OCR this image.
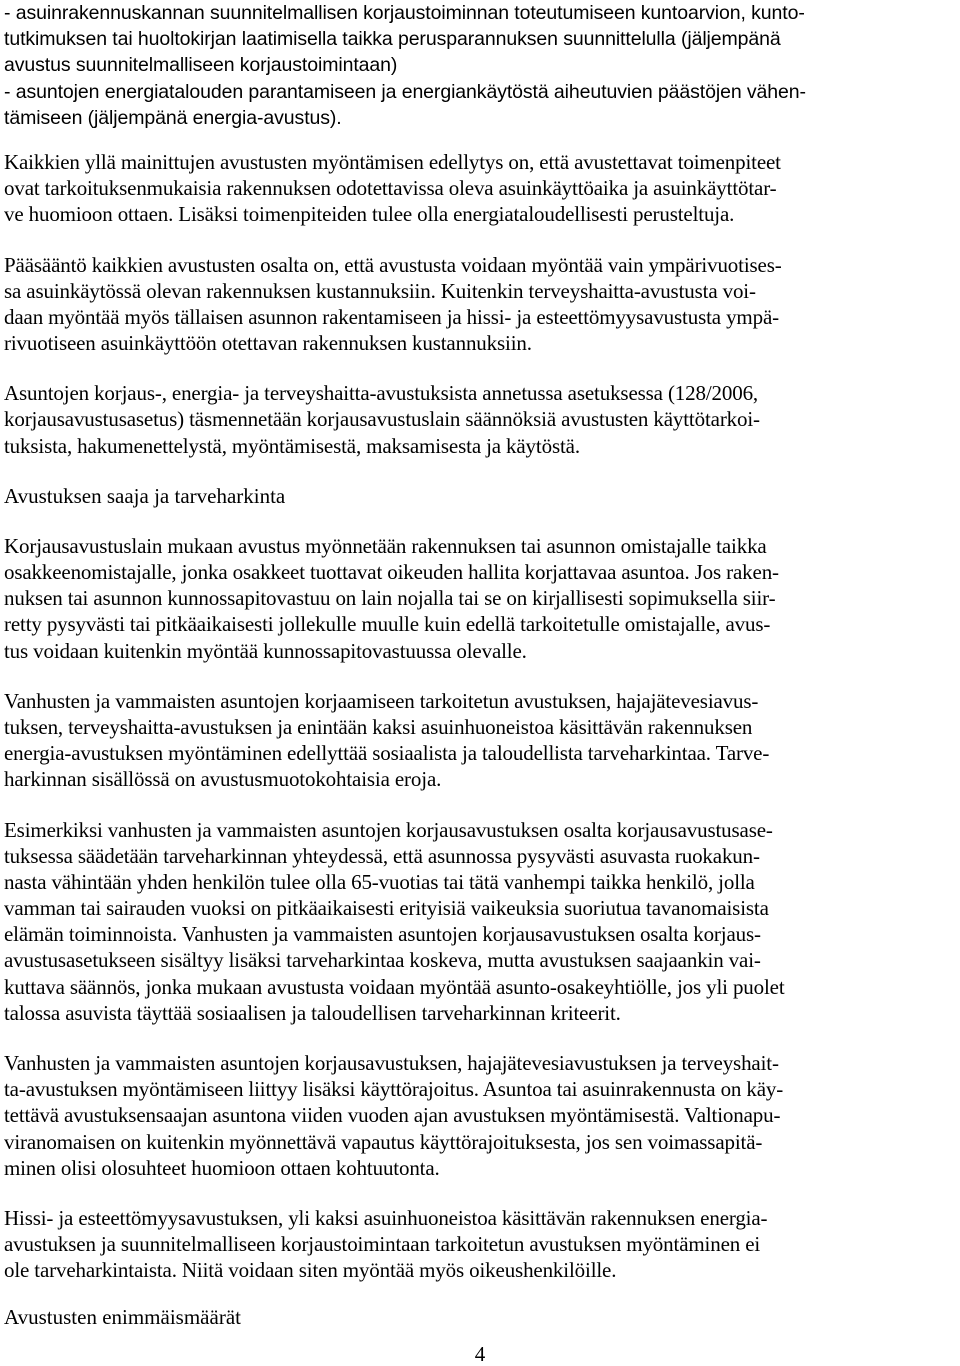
- asuinrakennuskannan suunnitelmallisen korjaustoiminnan toteutumiseen kuntoarvion, kunto-
tutkimuksen tai huoltokirjan laatimisella taikka perusparannuksen suunnittelulla (jäljempänä
avustus suunnitelmalliseen korjaustoimintaan)
- asuntojen energiatalouden parantamiseen ja energiankäytöstä aiheutuvien päästöjen vähen-
tämiseen (jäljempänä energia-avustus).
Kaikkien yllä mainittujen avustusten myöntämisen edellytys on, että avustettavat toimenpiteet
ovat tarkoituksenmukaisia rakennuksen odotettavissa oleva asuinkäyttöaika ja asuinkäyttötar-
ve huomioon ottaen. Lisäksi toimenpiteiden tulee olla energiataloudellisesti perusteltuja.
Pääsääntö kaikkien avustusten osalta on, että avustusta voidaan myöntää vain ympärivuotises-
sa asuinkäytössä olevan rakennuksen kustannuksiin. Kuitenkin terveyshaitta-avustusta voi-
daan myöntää myös tällaisen asunnon rakentamiseen ja hissi- ja esteettömyysavustusta ympä-
rivuotiseen asuinkäyttöön otettavan rakennuksen kustannuksiin.
Asuntojen korjaus-, energia- ja terveyshaitta-avustuksista annetussa asetuksessa (128/2006,
korjausavustusasetus) täsmennetään korjausavustuslain säännöksiä avustusten käyttötarkoi-
tuksista, hakumenettelystä, myöntämisestä, maksamisesta ja käytöstä.
Avustuksen saaja ja tarveharkinta
Korjausavustuslain mukaan avustus myönnetään rakennuksen tai asunnon omistajalle taikka
osakkeenomistajalle, jonka osakkeet tuottavat oikeuden hallita korjattavaa asuntoa. Jos raken-
nuksen tai asunnon kunnossapitovastuu on lain nojalla tai se on kirjallisesti sopimuksella siir-
retty pysyvästi tai pitkäaikaisesti jollekulle muulle kuin edellä tarkoitetulle omistajalle, avus-
tus voidaan kuitenkin myöntää kunnossapitovastuussa olevalle.
Vanhusten ja vammaisten asuntojen korjaamiseen tarkoitetun avustuksen, hajajätevesiavus-
tuksen, terveyshaitta-avustuksen ja enintään kaksi asuinhuoneistoa käsittävän rakennuksen
energia-avustuksen myöntäminen edellyttää sosiaalista ja taloudellista tarveharkintaa. Tarve-
harkinnan sisällössä on avustusmuotokohtaisia eroja.
Esimerkiksi vanhusten ja vammaisten asuntojen korjausavustuksen osalta korjausavustusase-
tuksessa säädetään tarveharkinnan yhteydessä, että asunnossa pysyvästi asuvasta ruokakun-
nasta vähintään yhden henkilön tulee olla 65-vuotias tai tätä vanhempi taikka henkilö, jolla
vamman tai sairauden vuoksi on pitkäaikaisesti erityisiä vaikeuksia suoriutua tavanomaisista
elämän toiminnoista. Vanhusten ja vammaisten asuntojen korjausavustuksen osalta korjaus-
avustusasetukseen sisältyy lisäksi tarveharkintaa koskeva, mutta avustuksen saajaankin vai-
kuttava säännös, jonka mukaan avustusta voidaan myöntää asunto-osakeyhtiölle, jos yli puolet
talossa asuvista täyttää sosiaalisen ja taloudellisen tarveharkinnan kriteerit.
Vanhusten ja vammaisten asuntojen korjausavustuksen, hajajätevesiavustuksen ja terveyshait-
ta-avustuksen myöntämiseen liittyy lisäksi käyttörajoitus. Asuntoa tai asuinrakennusta on käy-
tettävä avustuksensaajan asuntona viiden vuoden ajan avustuksen myöntämisestä. Valtionapu-
viranomaisen on kuitenkin myönnettävä vapautus käyttörajoituksesta, jos sen voimassapitä-
minen olisi olosuhteet huomioon ottaen kohtuutonta.
Hissi- ja esteettömyysavustuksen, yli kaksi asuinhuoneistoa käsittävän rakennuksen energia-
avustuksen ja suunnitelmalliseen korjaustoimintaan tarkoitetun avustuksen myöntäminen ei
ole tarveharkintaista. Niitä voidaan siten myöntää myös oikeushenkilöille.
Avustusten enimmäismäärät
4
